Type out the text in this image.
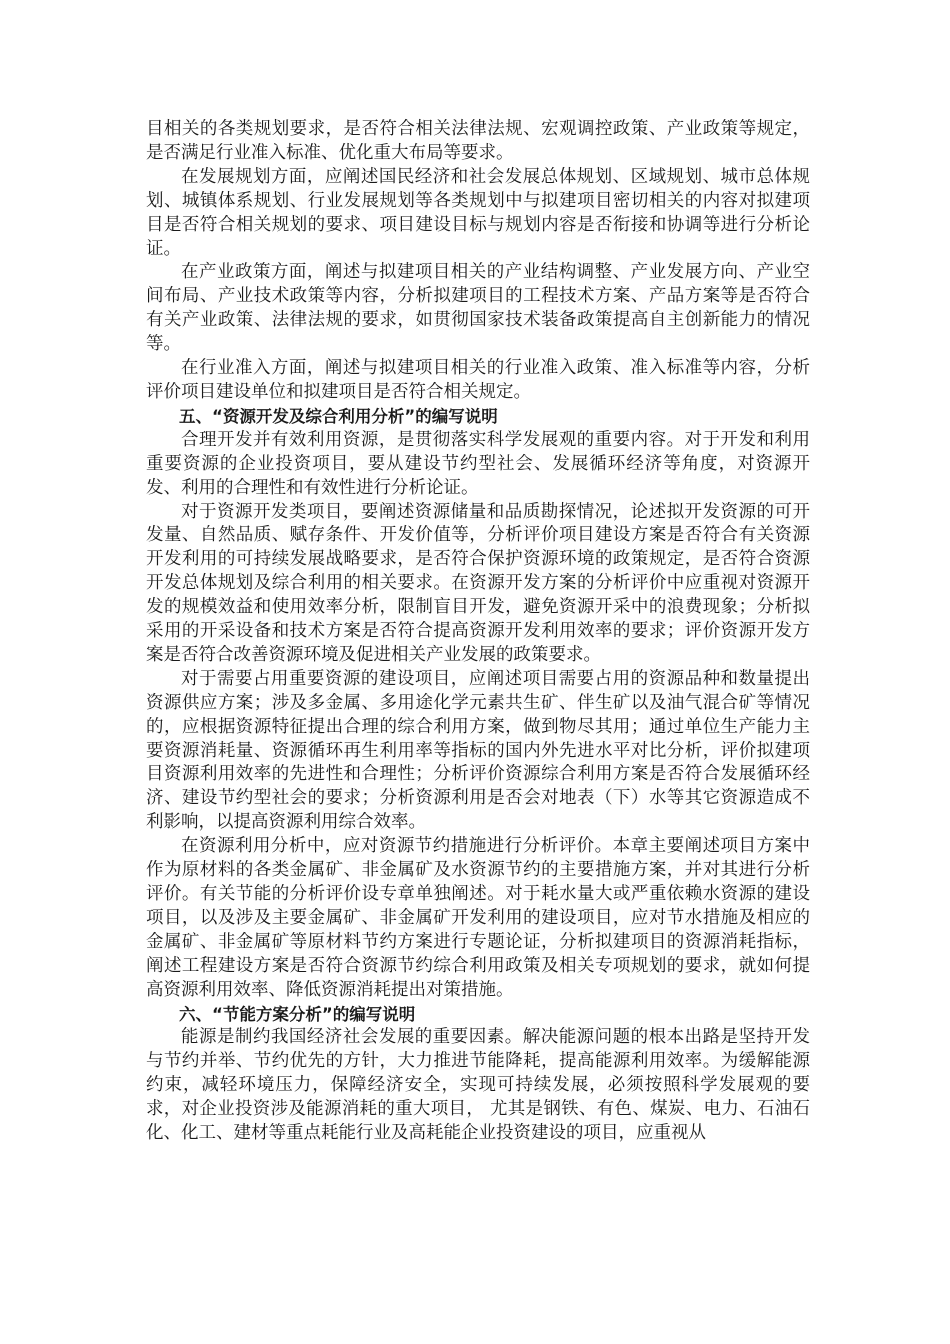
目相关的各类规划要求，是否符合相关法律法规、宏观调控政策、产业政策等规定，是否满足行业准入标准、优化重大布局等要求。

在发展规划方面，应阐述国民经济和社会发展总体规划、区域规划、城市总体规划、城镇体系规划、行业发展规划等各类规划中与拟建项目密切相关的内容对拟建项目是否符合相关规划的要求、项目建设目标与规划内容是否衔接和协调等进行分析论证。

在产业政策方面，阐述与拟建项目相关的产业结构调整、产业发展方向、产业空间布局、产业技术政策等内容，分析拟建项目的工程技术方案、产品方案等是否符合有关产业政策、法律法规的要求，如贯彻国家技术装备政策提高自主创新能力的情况等。

在行业准入方面，阐述与拟建项目相关的行业准入政策、准入标准等内容，分析评价项目建设单位和拟建项目是否符合相关规定。

五、“资源开发及综合利用分析”的编写说明

合理开发并有效利用资源，是贯彻落实科学发展观的重要内容。对于开发和利用重要资源的企业投资项目，要从建设节约型社会、发展循环经济等角度，对资源开发、利用的合理性和有效性进行分析论证。

对于资源开发类项目，要阐述资源储量和品质勘探情况，论述拟开发资源的可开发量、自然品质、赋存条件、开发价值等，分析评价项目建设方案是否符合有关资源开发利用的可持续发展战略要求，是否符合保护资源环境的政策规定，是否符合资源开发总体规划及综合利用的相关要求。在资源开发方案的分析评价中应重视对资源开发的规模效益和使用效率分析，限制盲目开发，避免资源开采中的浪费现象；分析拟采用的开采设备和技术方案是否符合提高资源开发利用效率的要求；评价资源开发方案是否符合改善资源环境及促进相关产业发展的政策要求。

对于需要占用重要资源的建设项目，应阐述项目需要占用的资源品种和数量提出资源供应方案；涉及多金属、多用途化学元素共生矿、伴生矿以及油气混合矿等情况的，应根据资源特征提出合理的综合利用方案，做到物尽其用；通过单位生产能力主要资源消耗量、资源循环再生利用率等指标的国内外先进水平对比分析，评价拟建项目资源利用效率的先进性和合理性；分析评价资源综合利用方案是否符合发展循环经济、建设节约型社会的要求；分析资源利用是否会对地表（下）水等其它资源造成不利影响，以提高资源利用综合效率。

在资源利用分析中，应对资源节约措施进行分析评价。本章主要阐述项目方案中作为原材料的各类金属矿、非金属矿及水资源节约的主要措施方案，并对其进行分析评价。有关节能的分析评价设专章单独阐述。对于耗水量大或严重依赖水资源的建设项目，以及涉及主要金属矿、非金属矿开发利用的建设项目，应对节水措施及相应的金属矿、非金属矿等原材料节约方案进行专题论证，分析拟建项目的资源消耗指标，阐述工程建设方案是否符合资源节约综合利用政策及相关专项规划的要求，就如何提高资源利用效率、降低资源消耗提出对策措施。

六、“节能方案分析”的编写说明

能源是制约我国经济社会发展的重要因素。解决能源问题的根本出路是坚持开发与节约并举、节约优先的方针，大力推进节能降耗，提高能源利用效率。为缓解能源约束，减轻环境压力，保障经济安全，实现可持续发展，必须按照科学发展观的要求，对企业投资涉及能源消耗的重大项目， 尤其是钢铁、有色、煤炭、电力、石油石化、化工、建材等重点耗能行业及高耗能企业投资建设的项目，应重视从
